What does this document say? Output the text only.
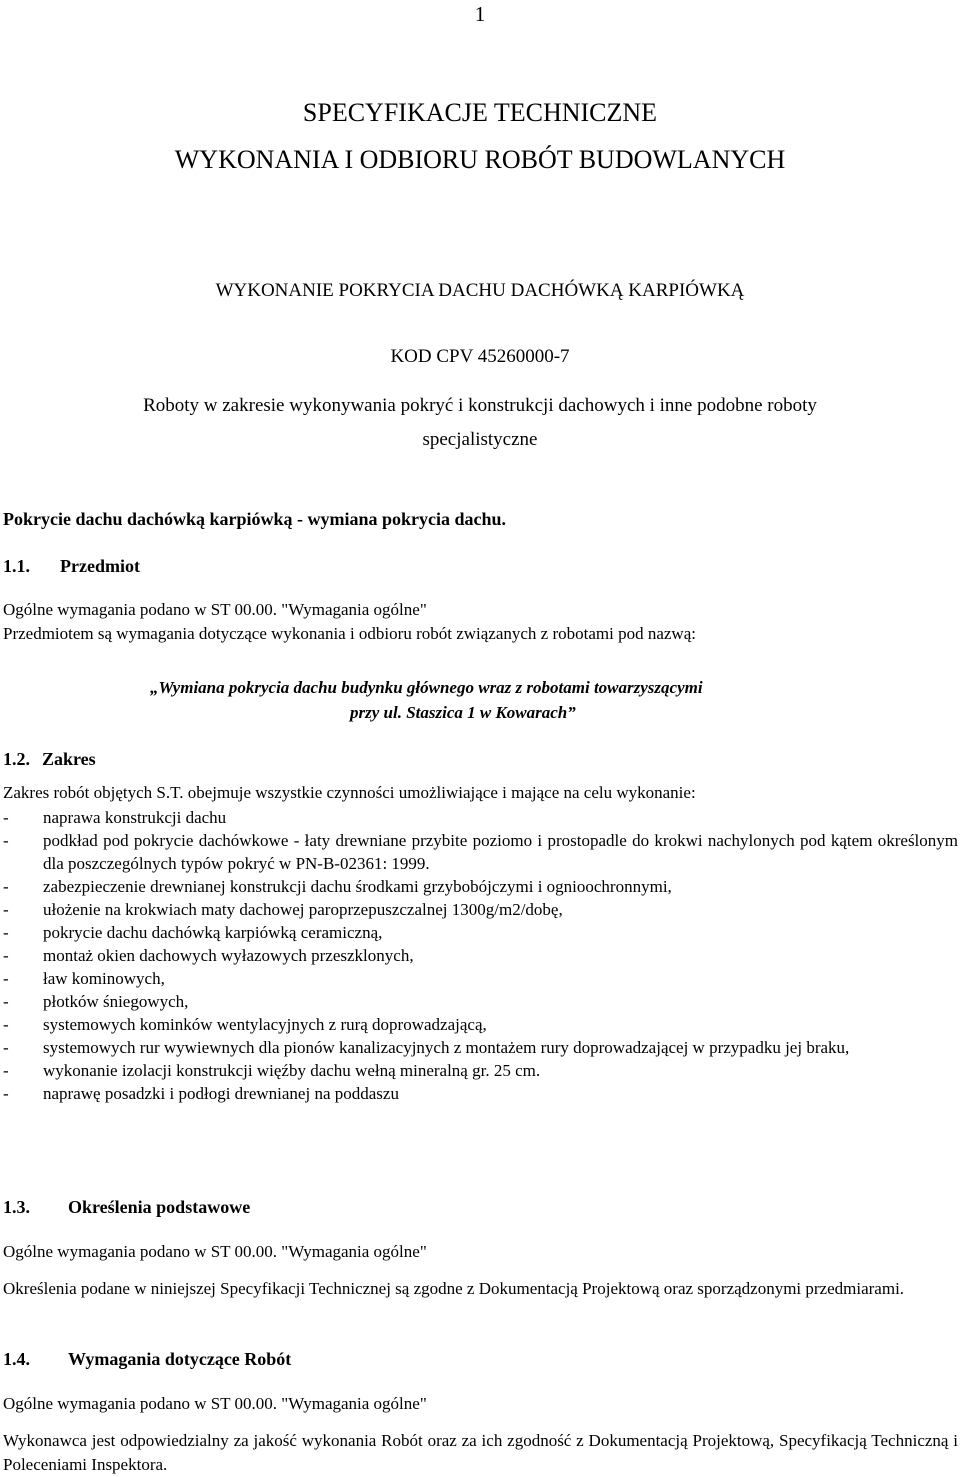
1
SPECYFIKACJE TECHNICZNE
WYKONANIA I ODBIORU ROBÓT BUDOWLANYCH
WYKONANIE POKRYCIA DACHU DACHÓWKĄ KARPIÓWKĄ
KOD CPV 45260000-7
Roboty w zakresie wykonywania pokryć i konstrukcji dachowych i inne podobne roboty
specjalistyczne
Pokrycie dachu dachówką karpiówką - wymiana pokrycia dachu.
1.1. Przedmiot
Ogólne wymagania podano w ST 00.00. "Wymagania ogólne"
Przedmiotem są wymagania dotyczące wykonania i odbioru robót związanych z robotami pod nazwą:
„Wymiana pokrycia dachu budynku głównego wraz z robotami towarzyszącymi
przy ul. Staszica 1 w Kowarach”
1.2. Zakres
Zakres robót objętych S.T. obejmuje wszystkie czynności umożliwiające i mające na celu wykonanie:
- naprawa konstrukcji dachu
- podkład pod pokrycie dachówkowe - łaty drewniane przybite poziomo i prostopadle do krokwi nachylonych pod kątem określonym dla poszczególnych typów pokryć w PN-B-02361: 1999.
- zabezpieczenie drewnianej konstrukcji dachu środkami grzybobójczymi i ognioochronnymi,
- ułożenie na krokwiach maty dachowej paroprzepuszczalnej 1300g/m2/dobę,
- pokrycie dachu dachówką karpiówką ceramiczną,
- montaż okien dachowych wyłazowych przeszklonych,
- ław kominowych,
- płotków śniegowych,
- systemowych kominków wentylacyjnych z rurą doprowadzającą,
- systemowych rur wywiewnych dla pionów kanalizacyjnych z montażem rury doprowadzającej w przypadku jej braku,
- wykonanie izolacji konstrukcji więźby dachu wełną mineralną gr. 25 cm.
- naprawę posadzki i podłogi drewnianej na poddaszu
1.3. Określenia podstawowe
Ogólne wymagania podano w ST 00.00. "Wymagania ogólne"
Określenia podane w niniejszej Specyfikacji Technicznej są zgodne z Dokumentacją Projektową oraz sporządzonymi przedmiarami.
1.4. Wymagania dotyczące Robót
Ogólne wymagania podano w ST 00.00. "Wymagania ogólne"
Wykonawca jest odpowiedzialny za jakość wykonania Robót oraz za ich zgodność z Dokumentacją Projektową, Specyfikacją Techniczną i Poleceniami Inspektora.
